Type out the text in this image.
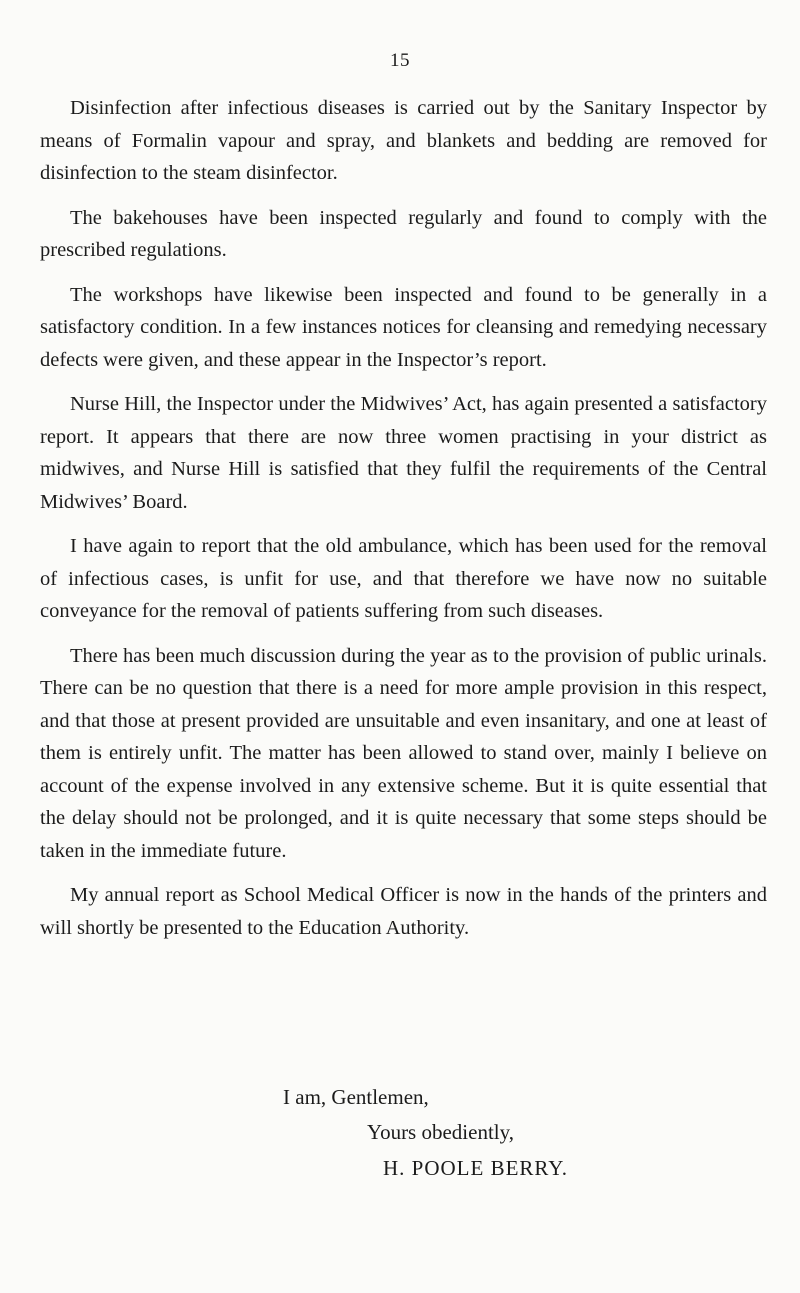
15

Disinfection after infectious diseases is carried out by the Sanitary Inspector by means of Formalin vapour and spray, and blankets and bedding are removed for disinfection to the steam disinfector.

The bakehouses have been inspected regularly and found to comply with the prescribed regulations.

The workshops have likewise been inspected and found to be generally in a satisfactory condition. In a few instances notices for cleansing and remedying necessary defects were given, and these appear in the Inspector’s report.

Nurse Hill, the Inspector under the Midwives’ Act, has again presented a satisfactory report. It appears that there are now three women practising in your district as midwives, and Nurse Hill is satisfied that they fulfil the requirements of the Central Midwives’ Board.

I have again to report that the old ambulance, which has been used for the removal of infectious cases, is unfit for use, and that therefore we have now no suitable conveyance for the removal of patients suffering from such diseases.

There has been much discussion during the year as to the provision of public urinals. There can be no question that there is a need for more ample provision in this respect, and that those at present provided are unsuitable and even insanitary, and one at least of them is entirely unfit. The matter has been allowed to stand over, mainly I believe on account of the expense involved in any extensive scheme. But it is quite essential that the delay should not be prolonged, and it is quite necessary that some steps should be taken in the immediate future.

My annual report as School Medical Officer is now in the hands of the printers and will shortly be presented to the Education Authority.

I am, Gentlemen,
Yours obediently,
H. POOLE BERRY.
